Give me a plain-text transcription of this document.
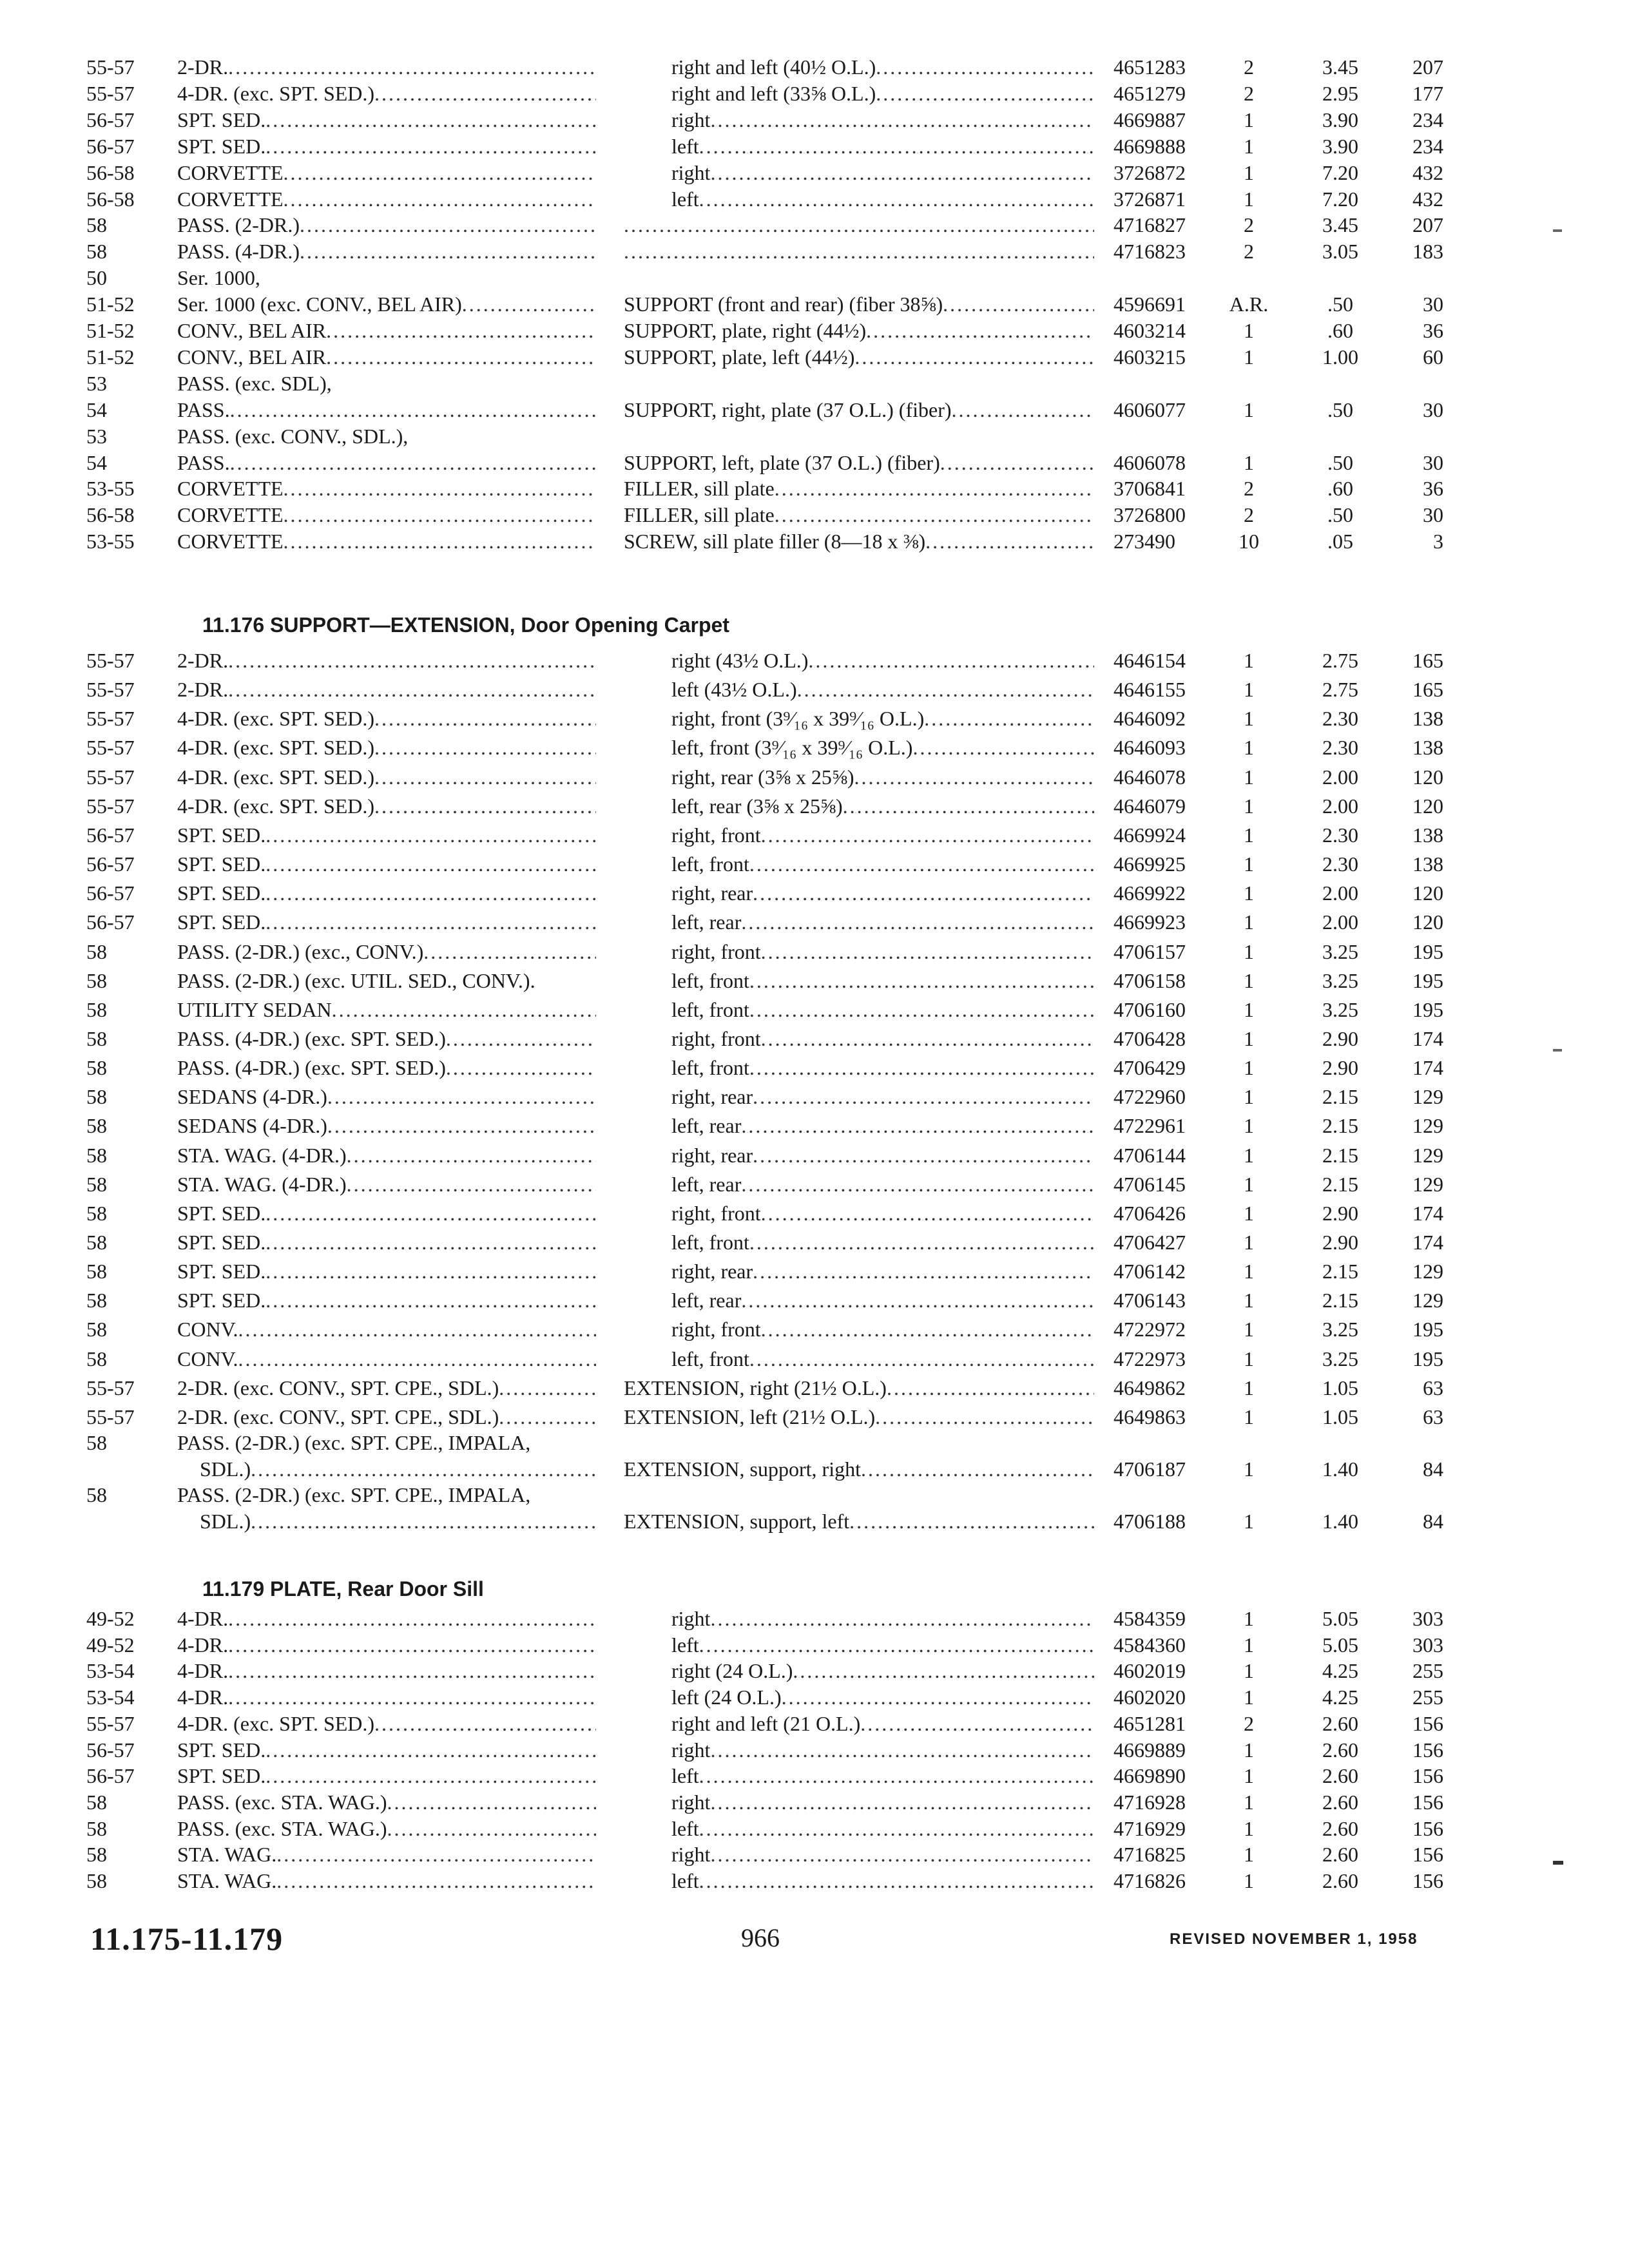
55-57	2-DR. .....	right and left (40½ O.L.) .....	4651283	2	3.45	207
55-57	4-DR. (exc. SPT. SED.) .....	right and left (33⅝ O.L.) .....	4651279	2	2.95	177
56-57	SPT. SED. .....	right .....	4669887	1	3.90	234
56-57	SPT. SED. .....	left .....	4669888	1	3.90	234
56-58	CORVETTE .....	right .....	3726872	1	7.20	432
56-58	CORVETTE .....	left .....	3726871	1	7.20	432
58	PASS. (2-DR.) ..... .....	4716827	2	3.45	207
58	PASS. (4-DR.) ..... .....	4716823	2	3.05	183
50	Ser. 1000,
51-52	Ser. 1000 (exc. CONV., BEL AIR) .....	SUPPORT (front and rear) (fiber 38⅝) .....	4596691	A.R.	.50	30
51-52	CONV., BEL AIR .....	SUPPORT, plate, right (44½) .....	4603214	1	.60	36
51-52	CONV., BEL AIR .....	SUPPORT, plate, left (44½) .....	4603215	1	1.00	60
53	PASS. (exc. SDL),
54	PASS. .....	SUPPORT, right, plate (37 O.L.) (fiber) .....	4606077	1	.50	30
53	PASS. (exc. CONV., SDL.),
54	PASS. .....	SUPPORT, left, plate (37 O.L.) (fiber) .....	4606078	1	.50	30
53-55	CORVETTE .....	FILLER, sill plate .....	3706841	2	.60	36
56-58	CORVETTE .....	FILLER, sill plate .....	3726800	2	.50	30
53-55	CORVETTE .....	SCREW, sill plate filler (8—18 x ⅜) .....	273490	10	.05	3
11.176 SUPPORT—EXTENSION, Door Opening Carpet
55-57	2-DR. .....	right (43½ O.L.) .....	4646154	1	2.75	165
55-57	2-DR. .....	left (43½ O.L.) .....	4646155	1	2.75	165
55-57	4-DR. (exc. SPT. SED.) .....	right, front (3⁹⁄₁₆ x 39⁹⁄₁₆ O.L.) .....	4646092	1	2.30	138
55-57	4-DR. (exc. SPT. SED.) .....	left, front (3⁹⁄₁₆ x 39⁹⁄₁₆ O.L.) .....	4646093	1	2.30	138
55-57	4-DR. (exc. SPT. SED.) .....	right, rear (3⅝ x 25⅝) .....	4646078	1	2.00	120
55-57	4-DR. (exc. SPT. SED.) .....	left, rear (3⅝ x 25⅝) .....	4646079	1	2.00	120
56-57	SPT. SED. .....	right, front .....	4669924	1	2.30	138
56-57	SPT. SED. .....	left, front .....	4669925	1	2.30	138
56-57	SPT. SED. .....	right, rear .....	4669922	1	2.00	120
56-57	SPT. SED. .....	left, rear .....	4669923	1	2.00	120
58	PASS. (2-DR.) (exc., CONV.) .....	right, front .....	4706157	1	3.25	195
58	PASS. (2-DR.) (exc. UTIL. SED., CONV.).	left, front .....	4706158	1	3.25	195
58	UTILITY SEDAN .....	left, front .....	4706160	1	3.25	195
58	PASS. (4-DR.) (exc. SPT. SED.) .....	right, front .....	4706428	1	2.90	174
58	PASS. (4-DR.) (exc. SPT. SED.) .....	left, front .....	4706429	1	2.90	174
58	SEDANS (4-DR.) .....	right, rear .....	4722960	1	2.15	129
58	SEDANS (4-DR.) .....	left, rear .....	4722961	1	2.15	129
58	STA. WAG. (4-DR.) .....	right, rear .....	4706144	1	2.15	129
58	STA. WAG. (4-DR.) .....	left, rear .....	4706145	1	2.15	129
58	SPT. SED. .....	right, front .....	4706426	1	2.90	174
58	SPT. SED. .....	left, front .....	4706427	1	2.90	174
58	SPT. SED. .....	right, rear .....	4706142	1	2.15	129
58	SPT. SED. .....	left, rear .....	4706143	1	2.15	129
58	CONV. .....	right, front .....	4722972	1	3.25	195
58	CONV. .....	left, front .....	4722973	1	3.25	195
55-57	2-DR. (exc. CONV., SPT. CPE., SDL.) .....	EXTENSION, right (21½ O.L.) .....	4649862	1	1.05	63
55-57	2-DR. (exc. CONV., SPT. CPE., SDL.) .....	EXTENSION, left (21½ O.L.) .....	4649863	1	1.05	63
58	PASS. (2-DR.) (exc. SPT. CPE., IMPALA,
SDL.) .....	EXTENSION, support, right .....	4706187	1	1.40	84
58	PASS. (2-DR.) (exc. SPT. CPE., IMPALA,
SDL.) .....	EXTENSION, support, left .....	4706188	1	1.40	84
11.179 PLATE, Rear Door Sill
49-52	4-DR. .....	right .....	4584359	1	5.05	303
49-52	4-DR. .....	left .....	4584360	1	5.05	303
53-54	4-DR. .....	right (24 O.L.) .....	4602019	1	4.25	255
53-54	4-DR. .....	left (24 O.L.) .....	4602020	1	4.25	255
55-57	4-DR. (exc. SPT. SED.) .....	right and left (21 O.L.) .....	4651281	2	2.60	156
56-57	SPT. SED. .....	right .....	4669889	1	2.60	156
56-57	SPT. SED. .....	left .....	4669890	1	2.60	156
58	PASS. (exc. STA. WAG.) .....	right .....	4716928	1	2.60	156
58	PASS. (exc. STA. WAG.) .....	left .....	4716929	1	2.60	156
58	STA. WAG. .....	right .....	4716825	1	2.60	156
58	STA. WAG. .....	left .....	4716826	1	2.60	156
11.175-11.179	966	REVISED NOVEMBER 1, 1958
